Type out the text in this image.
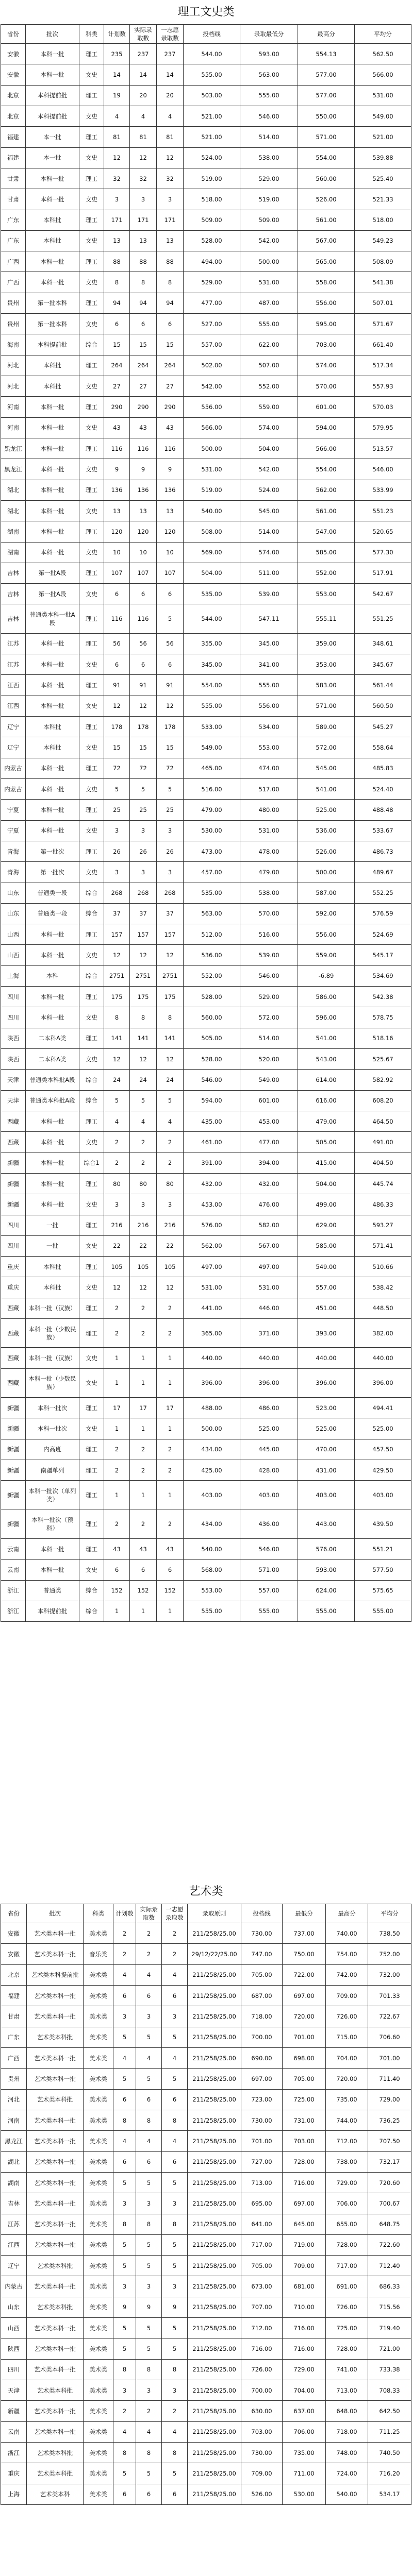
理工文史类
省份	批次	科类	计划数	实际录取数	一志愿录取数	投档线	录取最低分	最高分	平均分
安徽	本科一批	理工	235	237	237	544.00	593.00	554.13	562.50
安徽	本科一批	文史	14	14	14	555.00	563.00	577.00	566.00
北京	本科提前批	理工	19	20	20	503.00	555.00	577.00	531.00
北京	本科提前批	文史	4	4	4	521.00	546.00	550.00	549.00
福建	本一批	理工	81	81	81	521.00	514.00	571.00	521.00
福建	本一批	文史	12	12	12	524.00	538.00	554.00	539.88
甘肃	本科一批	理工	32	32	32	519.00	529.00	560.00	525.40
甘肃	本科一批	文史	3	3	3	518.00	519.00	526.00	521.33
广东	本科批	理工	171	171	171	509.00	509.00	561.00	518.00
广东	本科批	文史	13	13	13	528.00	542.00	567.00	549.23
广西	本科一批	理工	88	88	88	494.00	500.00	565.00	508.09
广西	本科一批	文史	8	8	8	529.00	531.00	558.00	541.38
贵州	第一批本科	理工	94	94	94	477.00	487.00	556.00	507.01
贵州	第一批本科	文史	6	6	6	527.00	555.00	595.00	571.67
海南	本科提前批	综合	15	15	15	557.00	622.00	703.00	661.40
河北	本科批	理工	264	264	264	502.00	507.00	574.00	517.34
河北	本科批	文史	27	27	27	542.00	552.00	570.00	557.93
河南	本科一批	理工	290	290	290	556.00	559.00	601.00	570.03
河南	本科一批	文史	43	43	43	566.00	574.00	594.00	579.95
黑龙江	本科一批	理工	116	116	116	500.00	504.00	566.00	513.57
黑龙江	本科一批	文史	9	9	9	531.00	542.00	554.00	546.00
湖北	本科一批	理工	136	136	136	519.00	524.00	562.00	533.99
湖北	本科一批	文史	13	13	13	540.00	545.00	561.00	551.23
湖南	本科一批	理工	120	120	120	508.00	514.00	547.00	520.65
湖南	本科一批	文史	10	10	10	569.00	574.00	585.00	577.30
吉林	第一批A段	理工	107	107	107	504.00	511.00	552.00	517.91
吉林	第一批A段	文史	6	6	6	535.00	539.00	553.00	542.67
吉林	普通类本科一批A段	理工	116	116	5	544.00	547.11	555.11	551.25
江苏	本科一批	理工	56	56	56	355.00	345.00	359.00	348.61
江苏	本科一批	文史	6	6	6	345.00	341.00	353.00	345.67
江西	本科一批	理工	91	91	91	554.00	555.00	583.00	561.44
江西	本科一批	文史	12	12	12	555.00	556.00	571.00	560.50
辽宁	本科批	理工	178	178	178	533.00	534.00	589.00	545.27
辽宁	本科批	文史	15	15	15	549.00	553.00	572.00	558.64
内蒙古	本科一批	理工	72	72	72	465.00	474.00	545.00	485.83
内蒙古	本科一批	文史	5	5	5	516.00	517.00	541.00	524.40
宁夏	本科一批	理工	25	25	25	479.00	480.00	525.00	488.48
宁夏	本科一批	文史	3	3	3	530.00	531.00	536.00	533.67
青海	第一批次	理工	26	26	26	473.00	478.00	526.00	486.73
青海	第一批次	文史	3	3	3	457.00	479.00	500.00	489.67
山东	普通类一段	综合	268	268	268	535.00	538.00	587.00	552.25
山东	普通类一段	综合	37	37	37	563.00	570.00	592.00	576.59
山西	本科一批	理工	157	157	157	512.00	516.00	556.00	524.69
山西	本科一批	文史	12	12	12	536.00	539.00	559.00	545.17
上海	本科	综合	2751	2751	2751	552.00	546.00	-6.89	534.69
四川	本科一批	理工	175	175	175	528.00	529.00	586.00	542.38
四川	本科一批	文史	8	8	8	560.00	572.00	596.00	578.75
陕西	二本科A类	理工	141	141	141	505.00	514.00	541.00	518.16
陕西	二本科A类	文史	12	12	12	528.00	520.00	543.00	525.67
天津	普通类本科批A段	综合	24	24	24	546.00	549.00	614.00	582.92
天津	普通类本科批A段	综合	5	5	5	594.00	601.00	616.00	608.20
西藏	本科一批	理工	4	4	4	435.00	453.00	479.00	464.50
西藏	本科一批	文史	2	2	2	461.00	477.00	505.00	491.00
新疆	本科一批	综合1	2	2	2	391.00	394.00	415.00	404.50
新疆	本科一批	理工	80	80	80	432.00	432.00	504.00	445.74
新疆	本科一批	文史	3	3	3	453.00	476.00	499.00	486.33
四川	一批	理工	216	216	216	576.00	582.00	629.00	593.27
四川	一批	文史	22	22	22	562.00	567.00	585.00	571.41
重庆	本科批	理工	105	105	105	497.00	497.00	549.00	510.66
重庆	本科批	文史	12	12	12	531.00	531.00	557.00	538.42
西藏	本科一批（汉族）	理工	2	2	2	441.00	446.00	451.00	448.50
西藏	本科一批（少数民族）	理工	2	2	2	365.00	371.00	393.00	382.00
西藏	本科一批（汉族）	文史	1	1	1	440.00	440.00	440.00	440.00
西藏	本科一批（少数民族）	文史	1	1	1	396.00	396.00	396.00	396.00
新疆	本科一批次	理工	17	17	17	488.00	486.00	523.00	494.41
新疆	本科一批次	文史	1	1	1	500.00	525.00	525.00	525.00
新疆	内高班	理工	2	2	2	434.00	445.00	470.00	457.50
新疆	南疆单列	理工	2	2	2	425.00	428.00	431.00	429.50
新疆	本科一批次（单列类）	理工	1	1	1	403.00	403.00	403.00	403.00
新疆	本科一批次（预科）	理工	2	2	2	434.00	436.00	443.00	439.50
云南	本科一批	理工	43	43	43	540.00	546.00	576.00	551.21
云南	本科一批	文史	6	6	6	568.00	571.00	593.00	577.50
浙江	普通类	综合	152	152	152	553.00	557.00	624.00	575.65
浙江	本科提前批	综合	1	1	1	555.00	555.00	555.00	555.00
艺术类
省份	批次	科类	计划数	实际录取数	一志愿录取数	录取原则	投档线	最低分	最高分	平均分
安徽	艺术类本科一批	美术类	2	2	2	211/258/25.00	730.00	737.00	740.00	738.50
安徽	艺术类本科一批	音乐类	2	2	2	29/12/22/25.00	747.00	750.00	754.00	752.00
北京	艺术类本科提前批	美术类	4	4	4	211/258/25.00	705.00	722.00	742.00	732.00
福建	艺术类本科一批	美术类	6	6	6	211/258/25.00	687.00	697.00	709.00	701.33
甘肃	艺术类本科一批	美术类	3	3	3	211/258/25.00	718.00	720.00	726.00	722.67
广东	艺术类本科批	美术类	5	5	5	211/258/25.00	700.00	701.00	715.00	706.60
广西	艺术类本科一批	美术类	4	4	4	211/258/25.00	690.00	698.00	704.00	701.00
贵州	艺术类本科一批	美术类	5	5	5	211/258/25.00	697.00	705.00	720.00	711.40
河北	艺术类本科批	美术类	6	6	6	211/258/25.00	723.00	725.00	735.00	729.00
河南	艺术类本科一批	美术类	8	8	8	211/258/25.00	730.00	731.00	744.00	736.25
黑龙江	艺术类本科一批	美术类	4	4	4	211/258/25.00	701.00	703.00	712.00	707.50
湖北	艺术类本科一批	美术类	6	6	6	211/258/25.00	727.00	728.00	738.00	732.17
湖南	艺术类本科一批	美术类	5	5	5	211/258/25.00	713.00	716.00	729.00	720.60
吉林	艺术类本科一批	美术类	3	3	3	211/258/25.00	695.00	697.00	706.00	700.67
江苏	艺术类本科一批	美术类	8	8	8	211/258/25.00	641.00	645.00	655.00	648.75
江西	艺术类本科一批	美术类	5	5	5	211/258/25.00	717.00	719.00	728.00	722.60
辽宁	艺术类本科批	美术类	5	5	5	211/258/25.00	705.00	709.00	717.00	712.40
内蒙古	艺术类本科一批	美术类	3	3	3	211/258/25.00	673.00	681.00	691.00	686.33
山东	艺术类本科批	美术类	9	9	9	211/258/25.00	707.00	710.00	726.00	715.56
山西	艺术类本科一批	美术类	5	5	5	211/258/25.00	712.00	716.00	725.00	719.40
陕西	艺术类本科一批	美术类	5	5	5	211/258/25.00	716.00	716.00	728.00	721.00
四川	艺术类本科一批	美术类	8	8	8	211/258/25.00	726.00	729.00	741.00	733.38
天津	艺术类本科批	美术类	3	3	3	211/258/25.00	700.00	704.00	713.00	708.33
新疆	艺术类本科一批	美术类	2	2	2	211/258/25.00	630.00	637.00	648.00	642.50
云南	艺术类本科一批	美术类	4	4	4	211/258/25.00	703.00	706.00	718.00	711.25
浙江	艺术类本科批	美术类	8	8	8	211/258/25.00	730.00	735.00	748.00	740.50
重庆	艺术类本科批	美术类	5	5	5	211/258/25.00	709.00	711.00	724.00	716.20
上海	艺术类本科	美术类	6	6	6	211/258/25.00	526.00	530.00	540.00	534.17
